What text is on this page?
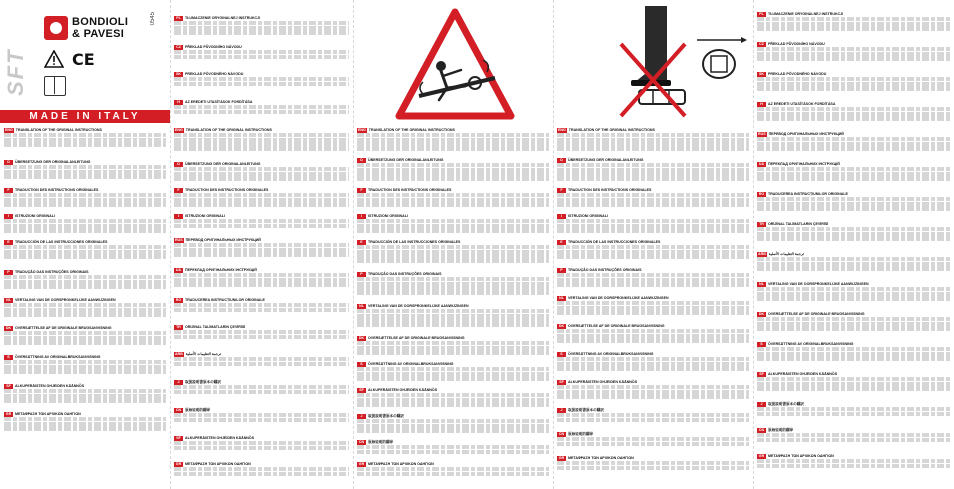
SFT
BONDIOLI
& PAVESI
CE
0545
MADE IN ITALY
ENG TRANSLATION OF THE ORIGINAL INSTRUCTIONS
D ÜBERSETZUNG DER ORIGINALANLEITUNG
F TRADUCTION DES INSTRUCTIONS ORIGINALES
I ISTRUZIONI ORIGINALI
E TRADUCCIÓN DE LAS INSTRUCCIONES ORIGINALES
P TRADUÇÃO DAS INSTRUÇÕES ORIGINAIS
NL VERTALING VAN DE OORSPRONKELIJKE AANWIJZINGEN
DK OVERSÆTTELSE AF DE ORIGINALE BRUGSANVISNING
S ÖVERSÄTTNING AV ORIGINALBRUKSANVISNING
SF ALKUPERÄISTEN OHJEIDEN KÄÄNNÖS
GR ΜΕΤΑΦΡΑΣΗ ΤΩΝ ΑΡΧΙΚΩΝ ΟΔΗΓΙΩΝ
PL TŁUMACZENIE ORYGINALNEJ INSTRUKCJI
CZ PŘEKLAD PŮVODNÍHO NÁVODU
SK PREKLAD PÔVODNÉHO NÁVODU
H AZ EREDETI UTASÍTÁSOK FORDÍTÁSA
ENG TRANSLATION OF THE ORIGINAL INSTRUCTIONS
D ÜBERSETZUNG DER ORIGINALANLEITUNG
F TRADUCTION DES INSTRUCTIONS ORIGINALES
I ISTRUZIONI ORIGINALI
RUS ПЕРЕВОД ОРИГИНАЛЬНЫХ ИНСТРУКЦИЙ
UA ПЕРЕКЛАД ОРИГІНАЛЬНИХ ІНСТРУКЦІЙ
RO TRADUCEREA INSTRUCȚIUNILOR ORIGINALE
TR ORİJİNAL TALİMATLARIN ÇEVİRİSİ
ARB ترجمة التعليمات الأصلية
J 取扱説明書原本の翻訳
CN 原始说明的翻译
SF ALKUPERÄISTEN OHJEIDEN KÄÄNNÖS
GR ΜΕΤΑΦΡΑΣΗ ΤΩΝ ΑΡΧΙΚΩΝ ΟΔΗΓΙΩΝ
ENG TRANSLATION OF THE ORIGINAL INSTRUCTIONS
D ÜBERSETZUNG DER ORIGINALANLEITUNG
F TRADUCTION DES INSTRUCTIONS ORIGINALES
I ISTRUZIONI ORIGINALI
E TRADUCCIÓN DE LAS INSTRUCCIONES ORIGINALES
P TRADUÇÃO DAS INSTRUÇÕES ORIGINAIS
NL VERTALING VAN DE OORSPRONKELIJKE AANWIJZINGEN
DK OVERSÆTTELSE AF DE ORIGINALE BRUGSANVISNING
S ÖVERSÄTTNING AV ORIGINALBRUKSANVISNING
SF ALKUPERÄISTEN OHJEIDEN KÄÄNNÖS
J 取扱説明書原本の翻訳
CN 原始说明的翻译
GR ΜΕΤΑΦΡΑΣΗ ΤΩΝ ΑΡΧΙΚΩΝ ΟΔΗΓΙΩΝ
ENG TRANSLATION OF THE ORIGINAL INSTRUCTIONS
D ÜBERSETZUNG DER ORIGINALANLEITUNG
F TRADUCTION DES INSTRUCTIONS ORIGINALES
I ISTRUZIONI ORIGINALI
E TRADUCCIÓN DE LAS INSTRUCCIONES ORIGINALES
P TRADUÇÃO DAS INSTRUÇÕES ORIGINAIS
NL VERTALING VAN DE OORSPRONKELIJKE AANWIJZINGEN
DK OVERSÆTTELSE AF DE ORIGINALE BRUGSANVISNING
S ÖVERSÄTTNING AV ORIGINALBRUKSANVISNING
SF ALKUPERÄISTEN OHJEIDEN KÄÄNNÖS
J 取扱説明書原本の翻訳
CN 原始说明的翻译
GR ΜΕΤΑΦΡΑΣΗ ΤΩΝ ΑΡΧΙΚΩΝ ΟΔΗΓΙΩΝ
PL TŁUMACZENIE ORYGINALNEJ INSTRUKCJI
CZ PŘEKLAD PŮVODNÍHO NÁVODU
SK PREKLAD PÔVODNÉHO NÁVODU
H AZ EREDETI UTASÍTÁSOK FORDÍTÁSA
RUS ПЕРЕВОД ОРИГИНАЛЬНЫХ ИНСТРУКЦИЙ
UA ПЕРЕКЛАД ОРИГІНАЛЬНИХ ІНСТРУКЦІЙ
RO TRADUCEREA INSTRUCȚIUNILOR ORIGINALE
TR ORİJİNAL TALİMATLARIN ÇEVİRİSİ
ARB ترجمة التعليمات الأصلية
NL VERTALING VAN DE OORSPRONKELIJKE AANWIJZINGEN
DK OVERSÆTTELSE AF DE ORIGINALE BRUGSANVISNING
S ÖVERSÄTTNING AV ORIGINALBRUKSANVISNING
SF ALKUPERÄISTEN OHJEIDEN KÄÄNNÖS
J 取扱説明書原本の翻訳
CN 原始说明的翻译
GR ΜΕΤΑΦΡΑΣΗ ΤΩΝ ΑΡΧΙΚΩΝ ΟΔΗΓΙΩΝ
